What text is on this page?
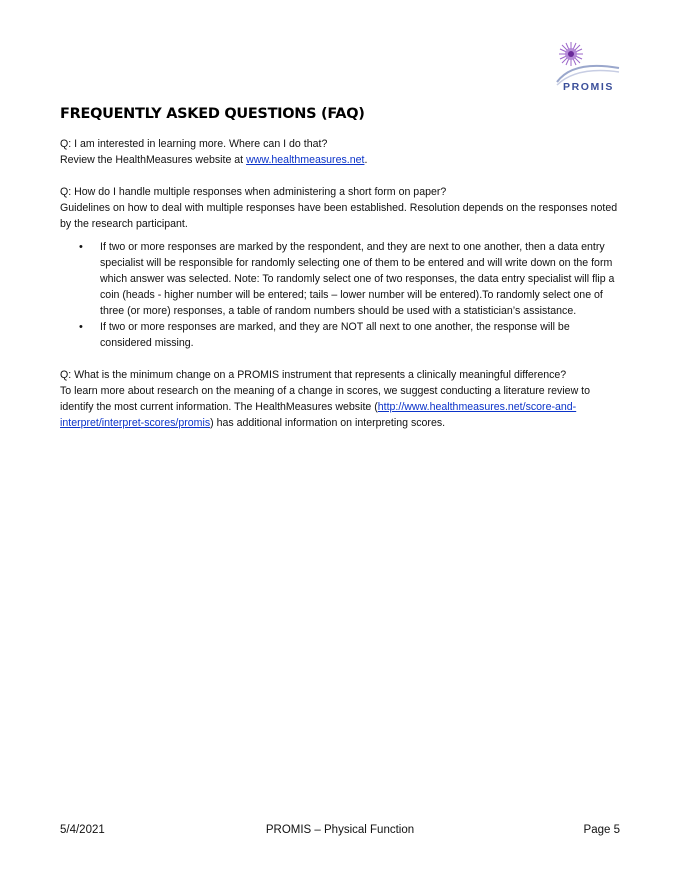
PROMIS
FREQUENTLY ASKED QUESTIONS (FAQ)

Q: I am interested in learning more. Where can I do that?

Review the HealthMeasures website at www.healthmeasures.net.

Q: How do I handle multiple responses when administering a short form on paper?

Guidelines on how to deal with multiple responses have been established. Resolution depends on the responses noted by the research participant.

• If two or more responses are marked by the respondent, and they are next to one another, then a data entry specialist will be responsible for randomly selecting one of them to be entered and will write down on the form which answer was selected. Note: To randomly select one of two responses, the data entry specialist will flip a coin (heads - higher number will be entered; tails – lower number will be entered).To randomly select one of three (or more) responses, a table of random numbers should be used with a statistician’s assistance.
• If two or more responses are marked, and they are NOT all next to one another, the response will be considered missing.

Q: What is the minimum change on a PROMIS instrument that represents a clinically meaningful difference?

To learn more about research on the meaning of a change in scores, we suggest conducting a literature review to identify the most current information. The HealthMeasures website (http://www.healthmeasures.net/score-and-interpret/interpret-scores/promis) has additional information on interpreting scores.

5/4/2021	PROMIS – Physical Function	Page 5
